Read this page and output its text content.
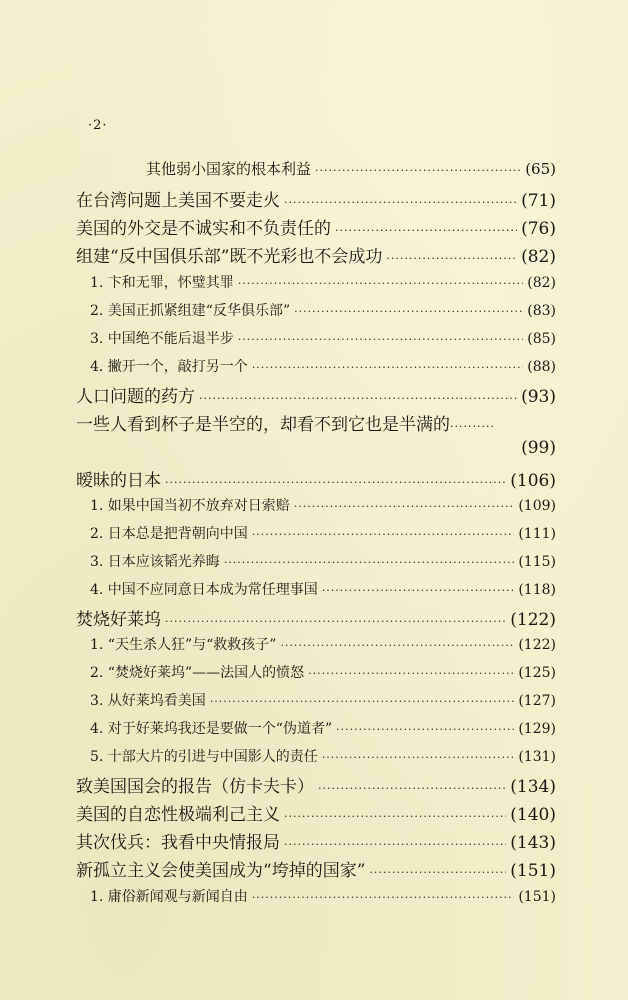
·2·
其他弱小国家的根本利益 ·····	(65)
在台湾问题上美国不要走火 ·····	(71)
美国的外交是不诚实和不负责任的 ·····	(76)
组建“反中国俱乐部”既不光彩也不会成功 ·····	(82)
1. 卞和无罪，怀璧其罪 ·····	(82)
2. 美国正抓紧组建“反华俱乐部” ·····	(83)
3. 中国绝不能后退半步 ·····	(85)
4. 撇开一个，敲打另一个 ·····	(88)
人口问题的药方 ·····	(93)
一些人看到杯子是半空的，却看不到它也是半满的··········
(99)
暧昧的日本 ·····	(106)
1. 如果中国当初不放弃对日索赔 ·····	(109)
2. 日本总是把背朝向中国 ·····	(111)
3. 日本应该韬光养晦 ·····	(115)
4. 中国不应同意日本成为常任理事国 ·····	(118)
焚烧好莱坞 ·····	(122)
1. “天生杀人狂”与“救救孩子” ·····	(122)
2. “焚烧好莱坞”——法国人的愤怒 ·····	(125)
3. 从好莱坞看美国 ·····	(127)
4. 对于好莱坞我还是要做一个“伪道者” ·····	(129)
5. 十部大片的引进与中国影人的责任 ·····	(131)
致美国国会的报告（仿卡夫卡） ·····	(134)
美国的自恋性极端利己主义 ·····	(140)
其次伐兵：我看中央情报局 ·····	(143)
新孤立主义会使美国成为“垮掉的国家” ·····	(151)
1. 庸俗新闻观与新闻自由 ·····	(151)
